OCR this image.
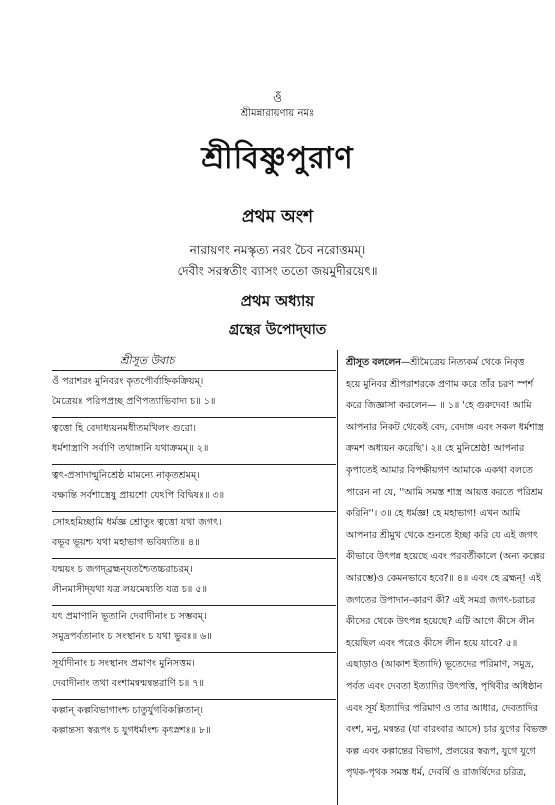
ওঁ
শ্রীমন্নারায়ণায় নমঃ
শ্রীবিষ্ণুপুরাণ
প্রথম অংশ
নারায়ণং নমস্কৃত্য নরং চৈব নরোত্তমম্‌।
দেবীং সরস্বতীং ব্যাসং ততো জয়মুদীরয়েৎ॥
প্রথম অধ্যায়
গ্রন্থের উপোদ্‌ঘাত
শ্রীসূত উবাচ
ওঁ পরাশরং মুনিবরং কৃতপৌর্বাহ্নিকক্রিয়ম্‌।
মৈত্রেয়ঃ পরিপপ্রচ্ছ প্রণিপত্যাভিবাদ্য চ॥ ১॥
ত্বত্তো হি বেদাধ্যয়নমধীতমখিলং গুরো।
ধর্মশাস্ত্রাণি সর্বাণি তথাঙ্গানি যথাক্রমম্‌॥ ২॥
ত্বৎ-প্রসাদান্মুনিশ্রেষ্ঠ মামন্যে নাকৃতশ্রমম্‌।
বক্ষ্যন্তি সর্বশাস্ত্রেষু প্রায়শো যেঽপি বিদ্বিষঃ॥ ৩॥
সোঽহমিচ্ছামি ধর্মজ্ঞ শ্রোতুং ত্বত্তো যথা জগৎ।
বভূব ভূয়শ্চ যথা মহাভাগ ভবিষ্যতি॥ ৪॥
যন্ময়ং চ জগদ্‌ব্রহ্মন্‌যতশ্চৈতচ্চরাচরম্‌।
লীনমাসীদ্‌যথা যত্র লয়মেষ্যতি যত্র চ॥ ৫॥
যৎ প্রমাণানি ভূতানি দেবাদীনাং চ সম্ভবম্‌।
সমুদ্রপর্বতানাং চ সংস্থানং চ যথা ভুবঃ॥ ৬॥
সূর্যাদীনাং চ সংস্থানং প্রমাণং মুনিসত্তম।
দেবাদীনাং তথা বংশামন্বন্মন্বন্তরাণি চ॥ ৭॥
কল্পান্‌ কল্পবিভাগাংশ্চ চাতুর্যুগবিকল্পিতান্‌।
কল্পান্তস্য স্বরূপং চ যুগধর্মাংশ্চ কৃৎস্নশঃ॥ ৮॥
শ্রীসূত বললেন—শ্রীমৈত্রেয় নিত্যকর্ম থেকে নিবৃত্ত
হয়ে মুনিবর শ্রীপরাশরকে প্রণাম করে তাঁর চরণ স্পর্শ
করে জিজ্ঞাসা করলেন— ॥ ১॥ 'হে গুরুদেব! আমি
আপনার নিকট থেকেই বেদ, বেদাঙ্গ এবং সকল ধর্মশাস্ত্র
ক্রমশ অধ্যয়ন করেছি'। ২॥ হে মুনিশ্রেষ্ঠ! আপনার
কৃপাতেই আমার বিপক্ষীয়গণ আমাকে একথা বলতে
পারেন না যে, ''আমি সমস্ত শাস্ত্র আয়ত্ত করতে পরিশ্রম
করিনি''। ৩॥ হে ধর্মজ্ঞ! হে মহাভাগ! এখন আমি
আপনার শ্রীমুখ থেকে শুনতে ইচ্ছা করি যে এই জগৎ
কীভাবে উৎপন্ন হয়েছে এবং পরবর্তীকালে (অন্য কল্পের
আরম্ভে)ও কেমনভাবে হবে?॥ ৪॥ এবং হে ব্রহ্মন্‌! এই
জগতের উপাদান-কারণ কী? এই সমগ্র জগৎ-চরাচর
কীসের থেকে উৎপন্ন হয়েছে? এটি আগে কীসে লীন
হয়েছিল এবং পরেও কীসে লীন হয়ে যাবে? ৫॥
এছাড়াও (আকাশ ইত্যাদি) ভূতেদের পরিমাণ, সমুদ্র,
পর্বত এবং দেবতা ইত্যাদির উৎপত্তি, পৃথিবীর অধিষ্ঠান
এবং সূর্য ইত্যাদির পরিমাণ ও তার আধার, দেবতাদির
বংশ, মনু, মন্বন্তর (যা বারংবার আসে) চার যুগের বিভক্ত
কল্প এবং কল্পান্তের বিভাগ, প্রলয়ের স্বরূপ, যুগে যুগে
পৃথক-পৃথক সমস্ত ধর্ম, দেবর্ষি ও রাজর্ষিদের চরিত্র,
